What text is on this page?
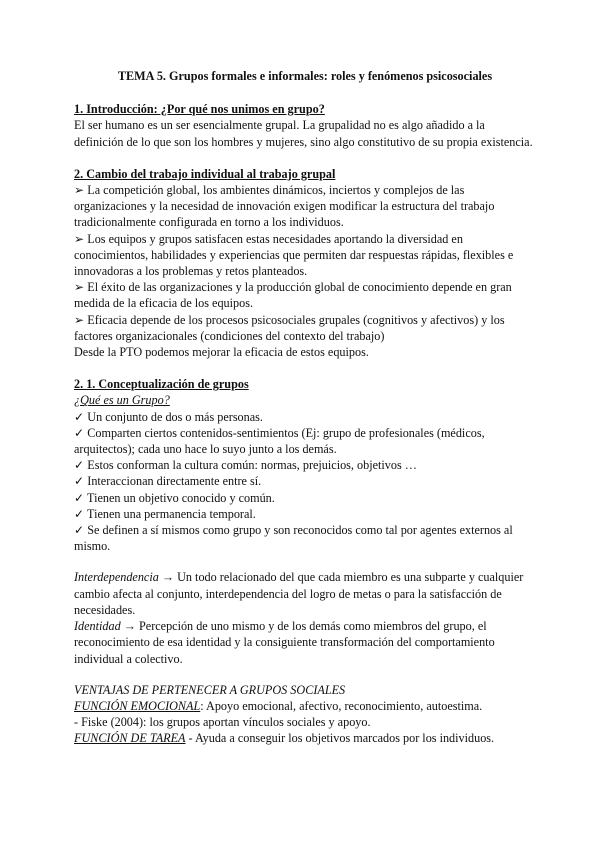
TEMA 5. Grupos formales e informales: roles y fenómenos psicosociales

1. Introducción: ¿Por qué nos unimos en grupo?

El ser humano es un ser esencialmente grupal. La grupalidad no es algo añadido a la definición de lo que son los hombres y mujeres, sino algo constitutivo de su propia existencia.

2. Cambio del trabajo individual al trabajo grupal

➢ La competición global, los ambientes dinámicos, inciertos y complejos de las organizaciones y la necesidad de innovación exigen modificar la estructura del trabajo tradicionalmente configurada en torno a los individuos.

➢ Los equipos y grupos satisfacen estas necesidades aportando la diversidad en conocimientos, habilidades y experiencias que permiten dar respuestas rápidas, flexibles e innovadoras a los problemas y retos planteados.

➢ El éxito de las organizaciones y la producción global de conocimiento depende en gran medida de la eficacia de los equipos.

➢ Eficacia depende de los procesos psicosociales grupales (cognitivos y afectivos) y los factores organizacionales (condiciones del contexto del trabajo)

Desde la PTO podemos mejorar la eficacia de estos equipos.

2. 1. Conceptualización de grupos

¿Qué es un Grupo?

✓ Un conjunto de dos o más personas.

✓ Comparten ciertos contenidos-sentimientos (Ej: grupo de profesionales (médicos, arquitectos); cada uno hace lo suyo junto a los demás.

✓ Estos conforman la cultura común: normas, prejuicios, objetivos …

✓ Interaccionan directamente entre sí.

✓ Tienen un objetivo conocido y común.

✓ Tienen una permanencia temporal.

✓ Se definen a sí mismos como grupo y son reconocidos como tal por agentes externos al mismo.

Interdependencia → Un todo relacionado del que cada miembro es una subparte y cualquier cambio afecta al conjunto, interdependencia del logro de metas o para la satisfacción de necesidades.

Identidad → Percepción de uno mismo y de los demás como miembros del grupo, el reconocimiento de esa identidad y la consiguiente transformación del comportamiento individual a colectivo.

VENTAJAS DE PERTENECER A GRUPOS SOCIALES

FUNCIÓN EMOCIONAL: Apoyo emocional, afectivo, reconocimiento, autoestima.

- Fiske (2004): los grupos aportan vínculos sociales y apoyo.

FUNCIÓN DE TAREA - Ayuda a conseguir los objetivos marcados por los individuos.
